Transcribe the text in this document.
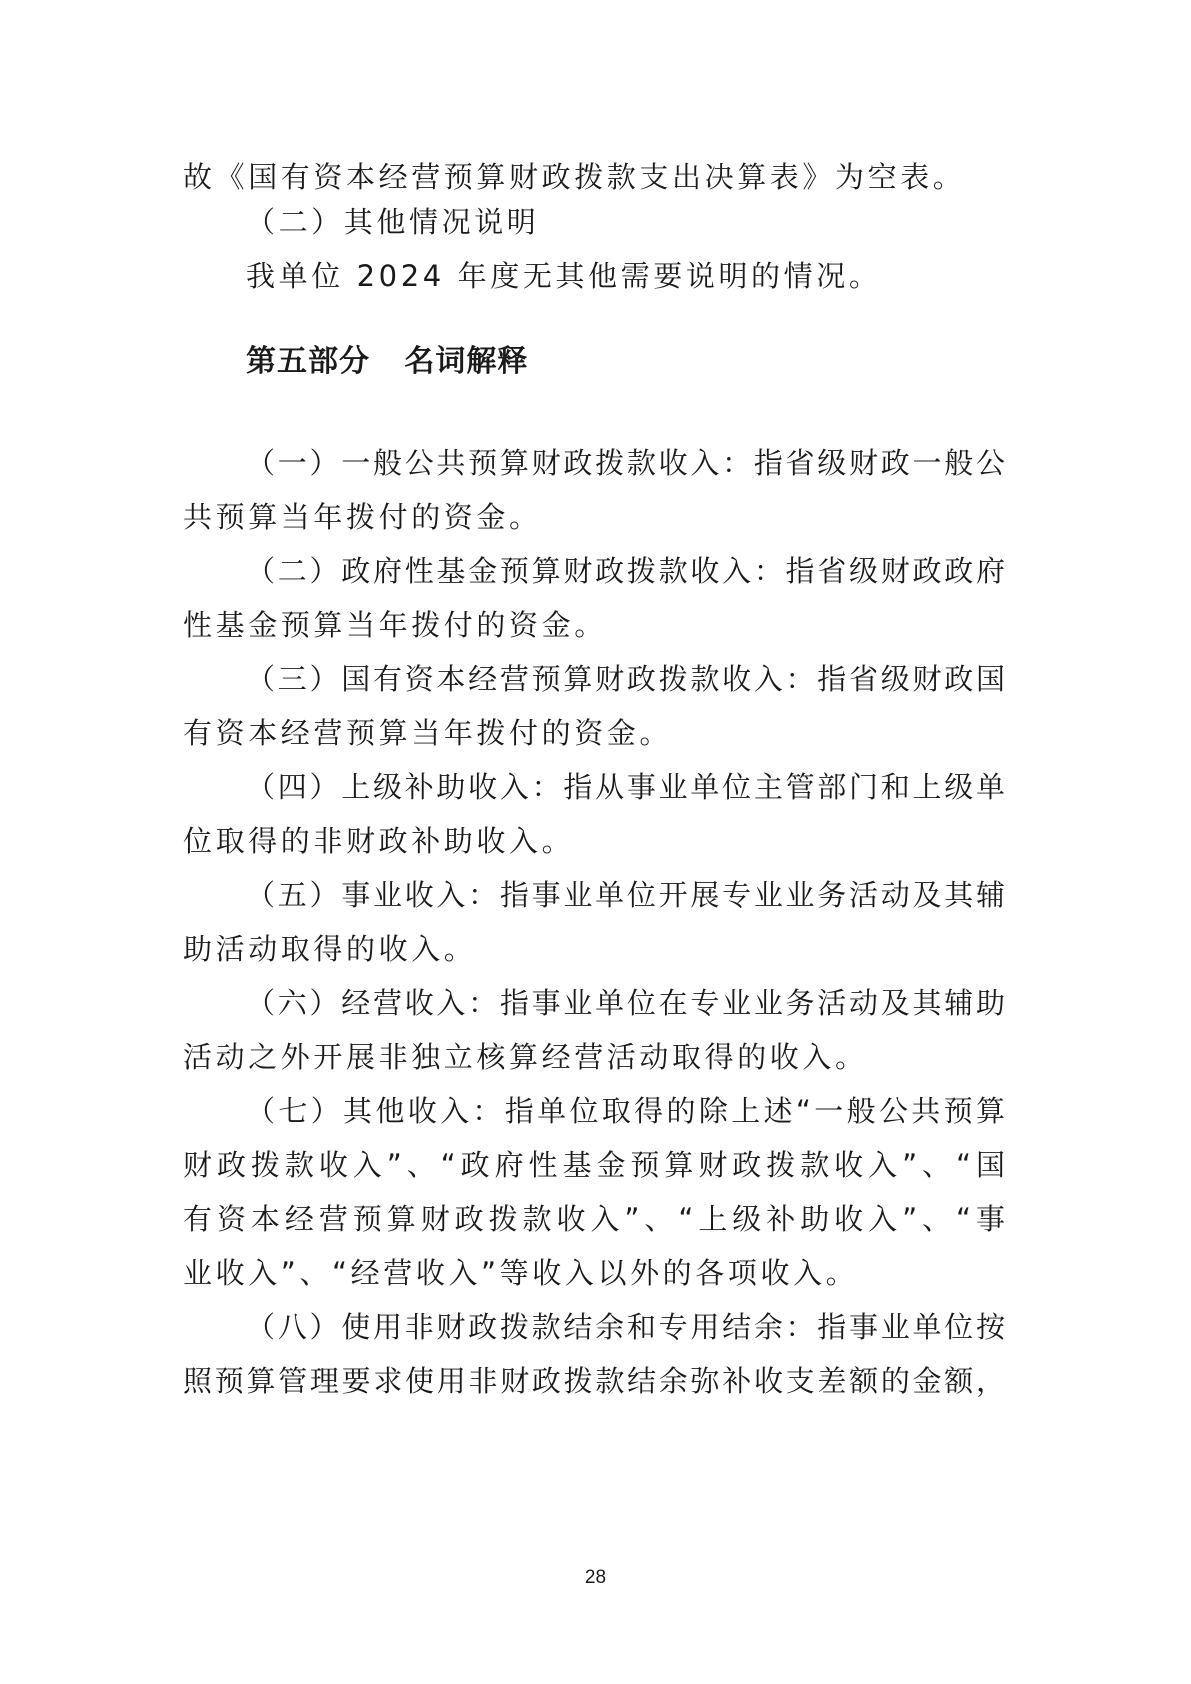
故《国有资本经营预算财政拨款支出决算表》为空表。
（二）其他情况说明
我单位 2024 年度无其他需要说明的情况。
第五部分   名词解释
（一）一般公共预算财政拨款收入：指省级财政一般公
共预算当年拨付的资金。
（二）政府性基金预算财政拨款收入：指省级财政政府
性基金预算当年拨付的资金。
（三）国有资本经营预算财政拨款收入：指省级财政国
有资本经营预算当年拨付的资金。
（四）上级补助收入：指从事业单位主管部门和上级单
位取得的非财政补助收入。
（五）事业收入：指事业单位开展专业业务活动及其辅
助活动取得的收入。
（六）经营收入：指事业单位在专业业务活动及其辅助
活动之外开展非独立核算经营活动取得的收入。
（七）其他收入：指单位取得的除上述“一般公共预算
财政拨款收入”、“政府性基金预算财政拨款收入”、“国
有资本经营预算财政拨款收入”、“上级补助收入”、“事
业收入”、“经营收入”等收入以外的各项收入。
（八）使用非财政拨款结余和专用结余：指事业单位按
照预算管理要求使用非财政拨款结余弥补收支差额的金额，
28
